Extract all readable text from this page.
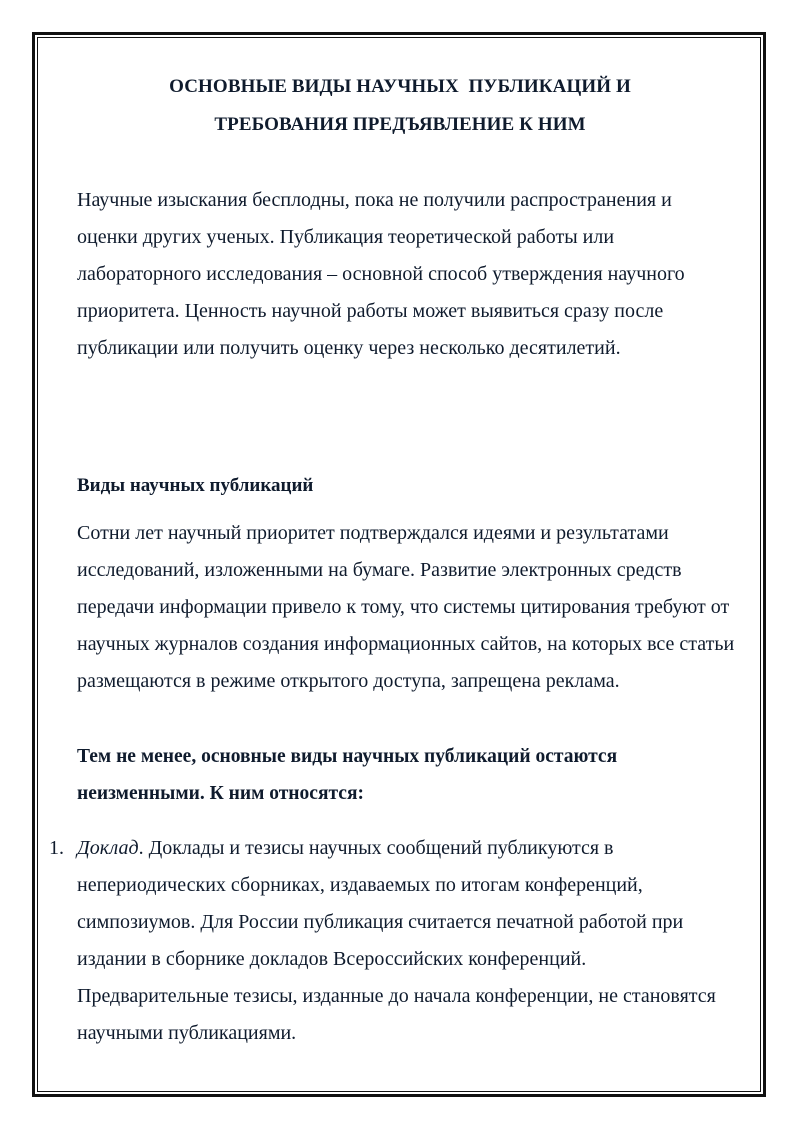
ОСНОВНЫЕ ВИДЫ НАУЧНЫХ  ПУБЛИКАЦИЙ И
ТРЕБОВАНИЯ ПРЕДЪЯВЛЕНИЕ К НИМ

Научные изыскания бесплодны, пока не получили распространения и оценки других ученых. Публикация теоретической работы или лабораторного исследования – основной способ утверждения научного приоритета. Ценность научной работы может выявиться сразу после публикации или получить оценку через несколько десятилетий.

Виды научных публикаций

Сотни лет научный приоритет подтверждался идеями и результатами исследований, изложенными на бумаге. Развитие электронных средств передачи информации привело к тому, что системы цитирования требуют от научных журналов создания информационных сайтов, на которых все статьи размещаются в режиме открытого доступа, запрещена реклама.

Тем не менее, основные виды научных публикаций остаются неизменными. К ним относятся:

1. Доклад. Доклады и тезисы научных сообщений публикуются в непериодических сборниках, издаваемых по итогам конференций, симпозиумов. Для России публикация считается печатной работой при издании в сборнике докладов Всероссийских конференций. Предварительные тезисы, изданные до начала конференции, не становятся научными публикациями.
